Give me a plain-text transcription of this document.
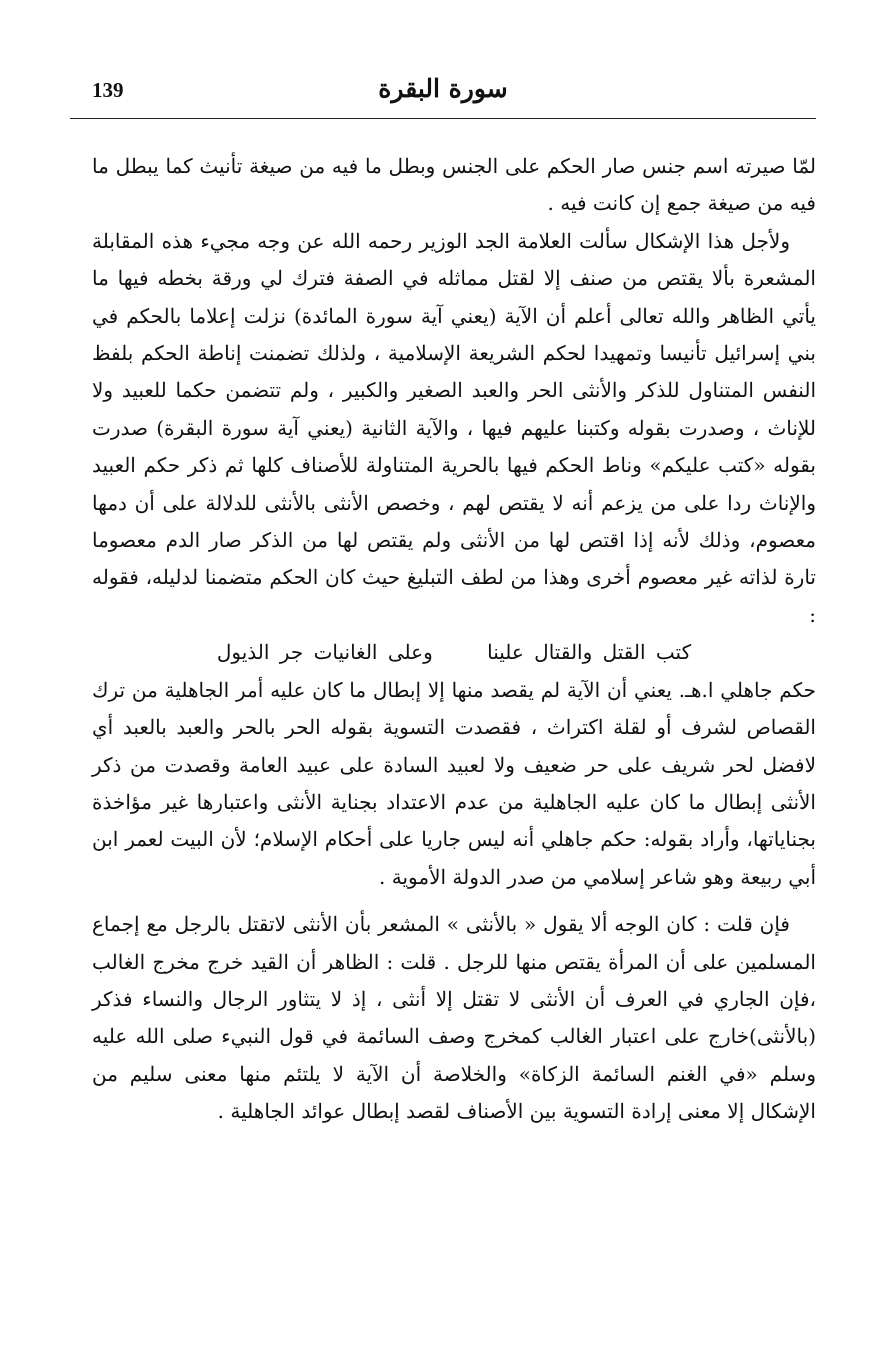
139	سورة البقرة

لمّا صيرته اسم جنس صار الحكم على الجنس وبطل ما فيه من صيغة تأنيث كما يبطل ما فيه من صيغة جمع إن كانت فيه .

ولأجل هذا الإشكال سألت العلامة الجد الوزير رحمه الله عن وجه مجيء هذه المقابلة المشعرة بألا يقتص من صنف إلا لقتل مماثله في الصفة فترك لي ورقة بخطه فيها ما يأتي الظاهر والله تعالى أعلم أن الآية (يعني آية سورة المائدة) نزلت إعلاما بالحكم في بني إسرائيل تأنيسا وتمهيدا لحكم الشريعة الإسلامية ، ولذلك تضمنت إناطة الحكم بلفظ النفس المتناول للذكر والأنثى الحر والعبد الصغير والكبير ، ولم تتضمن حكما للعبيد ولا للإناث ، وصدرت بقوله وكتبنا عليهم فيها ، والآية الثانية (يعني آية سورة البقرة) صدرت بقوله «كتب عليكم» وناط الحكم فيها بالحرية المتناولة للأصناف كلها ثم ذكر حكم العبيد والإناث ردا على من يزعم أنه لا يقتص لهم ، وخصص الأنثى بالأنثى للدلالة على أن دمها معصوم، وذلك لأنه إذا اقتص لها من الأنثى ولم يقتص لها من الذكر صار الدم معصوما تارة لذاته غير معصوم أخرى وهذا من لطف التبليغ حيث كان الحكم متضمنا لدليله، فقوله :

كتب القتل والقتال علينا وعلى الغانيات جر الذيول

حكم جاهلي ا.هـ. يعني أن الآية لم يقصد منها إلا إبطال ما كان عليه أمر الجاهلية من ترك القصاص لشرف أو لقلة اكتراث ، فقصدت التسوية بقوله الحر بالحر والعبد بالعبد أي لافضل لحر شريف على حر ضعيف ولا لعبيد السادة على عبيد العامة وقصدت من ذكر الأنثى إبطال ما كان عليه الجاهلية من عدم الاعتداد بجناية الأنثى واعتبارها غير مؤاخذة بجناياتها، وأراد بقوله: حكم جاهلي أنه ليس جاريا على أحكام الإسلام؛ لأن البيت لعمر ابن أبي ربيعة وهو شاعر إسلامي من صدر الدولة الأموية .

فإن قلت : كان الوجه ألا يقول « بالأنثى » المشعر بأن الأنثى لاتقتل بالرجل مع إجماع المسلمين على أن المرأة يقتص منها للرجل . قلت : الظاهر أن القيد خرج مخرج الغالب ،فإن الجاري في العرف أن الأنثى لا تقتل إلا أنثى ، إذ لا يتثاور الرجال والنساء فذكر (بالأنثى)خارج على اعتبار الغالب كمخرج وصف السائمة في قول النبيء صلى الله عليه وسلم «في الغنم السائمة الزكاة» والخلاصة أن الآية لا يلتئم منها معنى سليم من الإشكال إلا معنى إرادة التسوية بين الأصناف لقصد إبطال عوائد الجاهلية .
